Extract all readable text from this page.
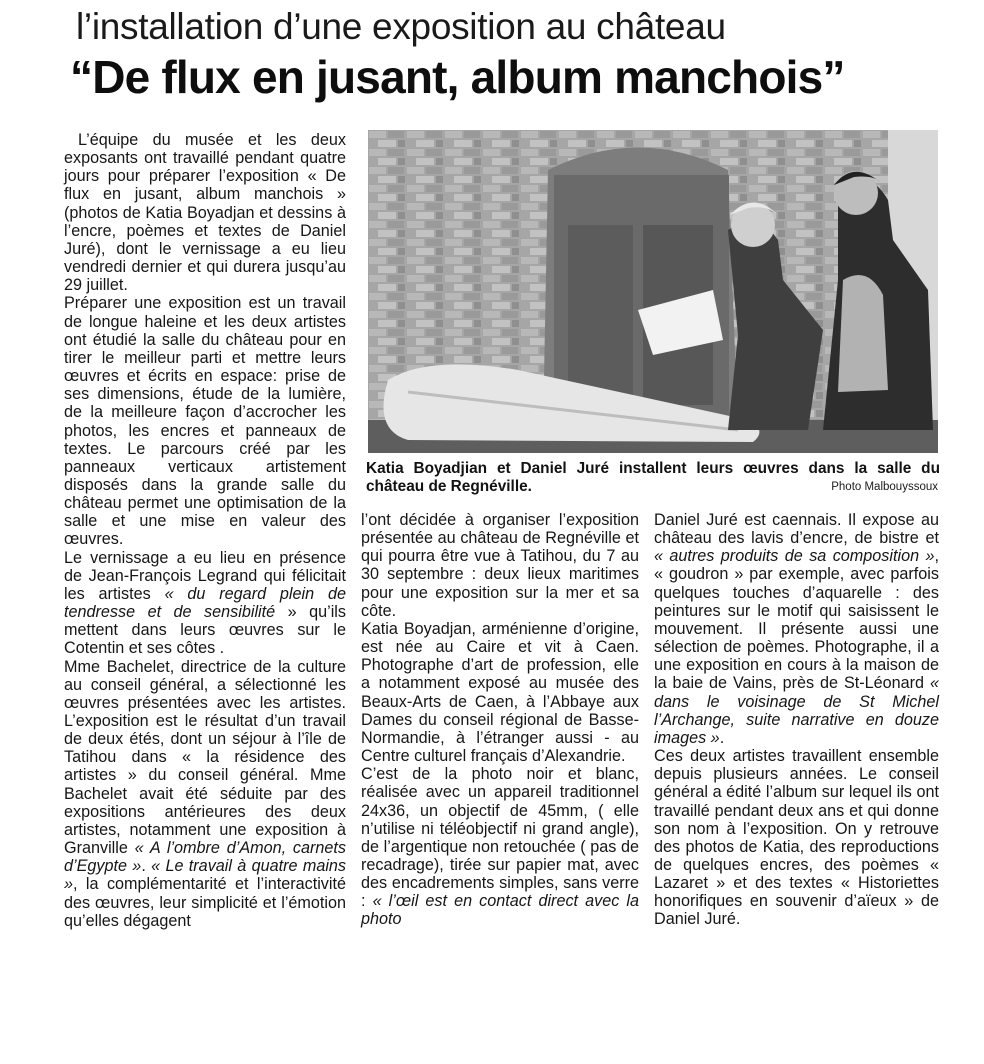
l’installation d’une exposition au château
“De flux en jusant, album manchois”

L’équipe du musée et les deux exposants ont travaillé pendant quatre jours pour préparer l’exposition « De flux en jusant, album manchois » (photos de Katia Boyadjan et dessins à l’encre, poèmes et textes de Daniel Juré), dont le vernissage a eu lieu vendredi dernier et qui durera jusqu’au 29 juillet.

Préparer une exposition est un travail de longue haleine et les deux artistes ont étudié la salle du château pour en tirer le meilleur parti et mettre leurs œuvres et écrits en espace: prise de ses dimensions, étude de la lumière, de la meilleure façon d’accrocher les photos, les encres et panneaux de textes. Le parcours créé par les panneaux verticaux artistement disposés dans la grande salle du château permet une optimisation de la salle et une mise en valeur des œuvres.

Le vernissage a eu lieu en présence de Jean-François Legrand qui félicitait les artistes « du regard plein de tendresse et de sensibilité » qu’ils mettent dans leurs œuvres sur le Cotentin et ses côtes .

Mme Bachelet, directrice de la culture au conseil général, a sélectionné les œuvres présentées avec les artistes. L’exposition est le résultat d’un travail de deux étés, dont un séjour à l’île de Tatihou dans « la résidence des artistes » du conseil général. Mme Bachelet avait été séduite par des expositions antérieures des deux artistes, notamment une exposition à Granville « A l’ombre d’Amon, carnets d’Egypte ». « Le travail à quatre mains », la complémentarité et l’interactivité des œuvres, leur simplicité et l’émotion qu’elles dégagent

Katia Boyadjian et Daniel Juré installent leurs œuvres dans la salle du château de Regnéville.	Photo Malbouyssoux

l’ont décidée à organiser l’exposition présentée au château de Regnéville et qui pourra être vue à Tatihou, du 7 au 30 septembre : deux lieux maritimes pour une exposition sur la mer et sa côte.

Katia Boyadjan, arménienne d’origine, est née au Caire et vit à Caen. Photographe d’art de profession, elle a notamment exposé au musée des Beaux-Arts de Caen, à l’Abbaye aux Dames du conseil régional de Basse-Normandie, à l’étranger aussi - au Centre culturel français d’Alexandrie.

C’est de la photo noir et blanc, réalisée avec un appareil traditionnel 24x36, un objectif de 45mm, ( elle n’utilise ni téléobjectif ni grand angle), de l’argentique non retouchée ( pas de recadrage), tirée sur papier mat, avec des encadrements simples, sans verre : « l’œil est en contact direct avec la photo

Daniel Juré est caennais. Il expose au château des lavis d’encre, de bistre et « autres produits de sa composition », « goudron » par exemple, avec parfois quelques touches d’aquarelle : des peintures sur le motif qui saisissent le mouvement. Il présente aussi une sélection de poèmes. Photographe, il a une exposition en cours à la maison de la baie de Vains, près de St-Léonard « dans le voisinage de St Michel l’Archange, suite narrative en douze images ».

Ces deux artistes travaillent ensemble depuis plusieurs années. Le conseil général a édité l’album sur lequel ils ont travaillé pendant deux ans et qui donne son nom à l’exposition. On y retrouve des photos de Katia, des reproductions de quelques encres, des poèmes « Lazaret » et des textes « Historiettes honorifiques en souvenir d’aïeux » de Daniel Juré.
